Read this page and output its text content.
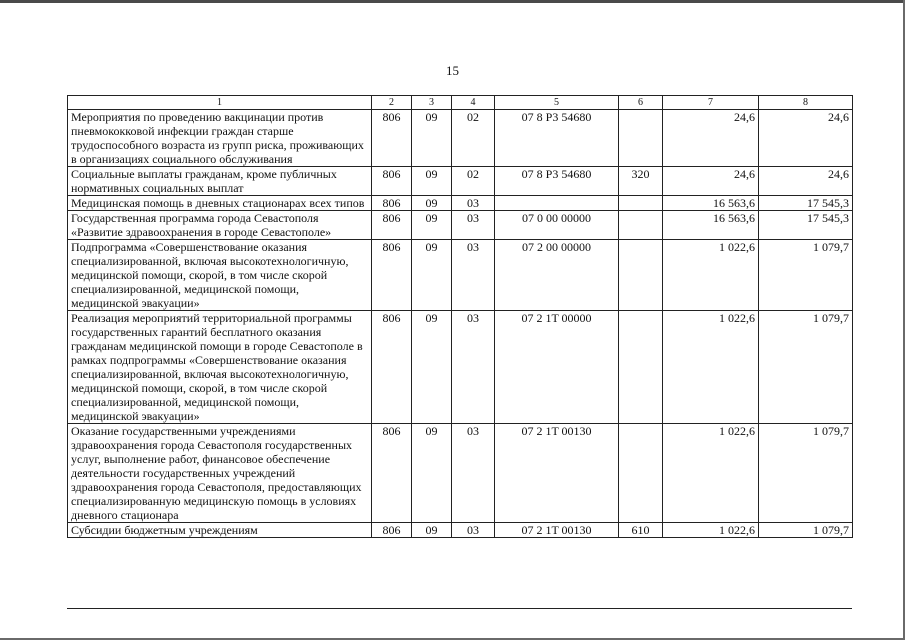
15
1	2	3	4	5	6	7	8
Мероприятия по проведению вакцинации против пневмококковой инфекции граждан старше трудоспособного возраста из групп риска, проживающих в организациях социального обслуживания	806	09	02	07 8 P3 54680		24,6	24,6
Социальные выплаты гражданам, кроме публичных нормативных социальных выплат	806	09	02	07 8 P3 54680	320	24,6	24,6
Медицинская помощь в дневных стационарах всех типов	806	09	03			16 563,6	17 545,3
Государственная программа города Севастополя «Развитие здравоохранения в городе Севастополе»	806	09	03	07 0 00 00000		16 563,6	17 545,3
Подпрограмма «Совершенствование оказания специализированной, включая высокотехнологичную, медицинской помощи, скорой, в том числе скорой специализированной, медицинской помощи, медицинской эвакуации»	806	09	03	07 2 00 00000		1 022,6	1 079,7
Реализация мероприятий территориальной программы государственных гарантий бесплатного оказания гражданам медицинской помощи в городе Севастополе в рамках подпрограммы «Совершенствование оказания специализированной, включая высокотехнологичную, медицинской помощи, скорой, в том числе скорой специализированной, медицинской помощи, медицинской эвакуации»	806	09	03	07 2 1T 00000		1 022,6	1 079,7
Оказание государственными учреждениями здравоохранения города Севастополя государственных услуг, выполнение работ, финансовое обеспечение деятельности государственных учреждений здравоохранения города Севастополя, предоставляющих специализированную медицинскую помощь в условиях дневного стационара	806	09	03	07 2 1T 00130		1 022,6	1 079,7
Субсидии бюджетным учреждениям	806	09	03	07 2 1T 00130	610	1 022,6	1 079,7
